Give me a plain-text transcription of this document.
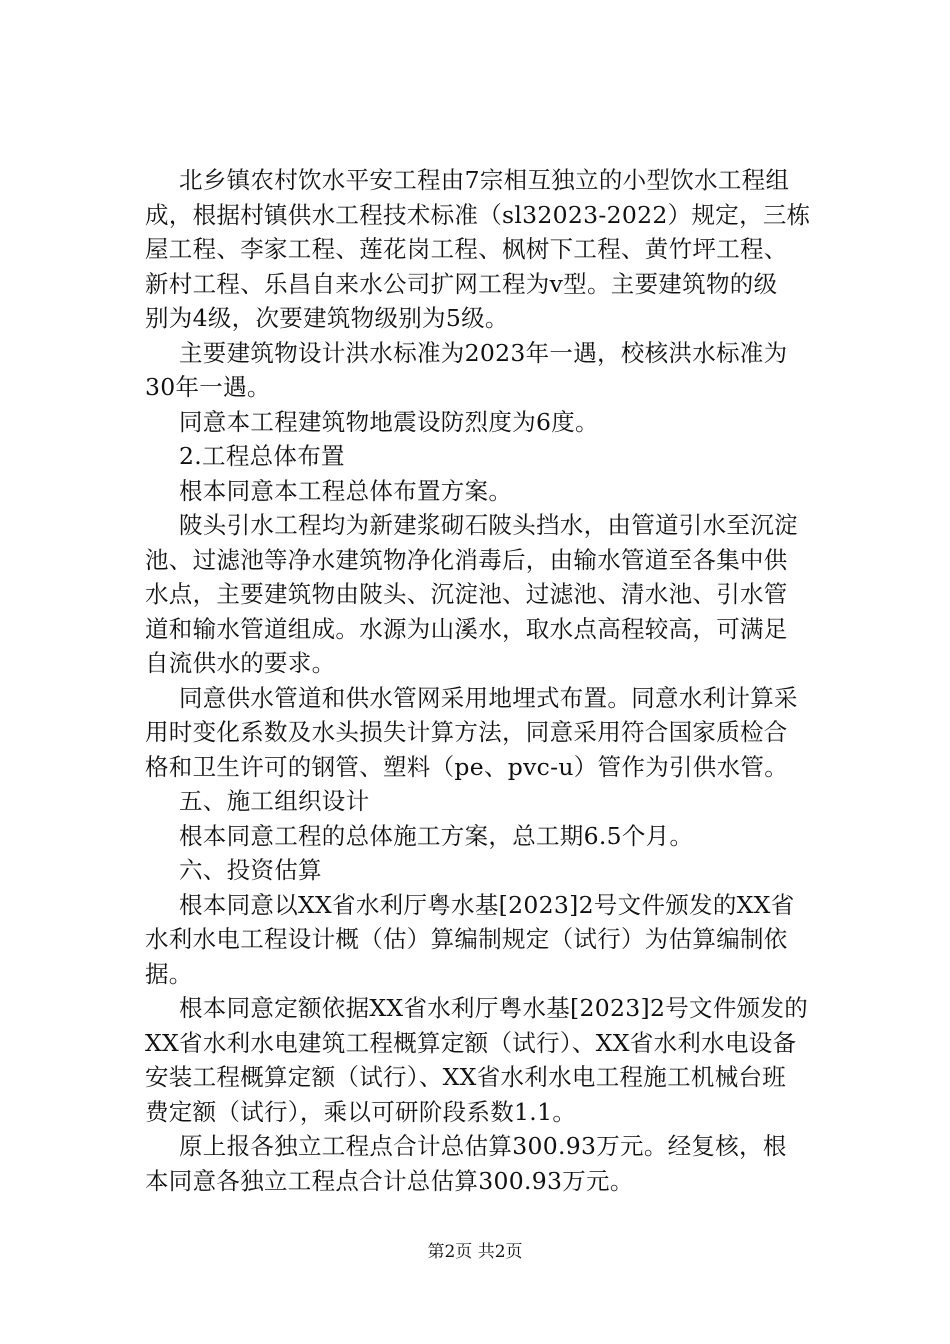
北乡镇农村饮水平安工程由7宗相互独立的小型饮水工程组
成，根据村镇供水工程技术标准（sl32023-2022）规定，三栋
屋工程、李家工程、莲花岗工程、枫树下工程、黄竹坪工程、
新村工程、乐昌自来水公司扩网工程为v型。主要建筑物的级
别为4级，次要建筑物级别为5级。
主要建筑物设计洪水标准为2023年一遇，校核洪水标准为
30年一遇。
同意本工程建筑物地震设防烈度为6度。
2.工程总体布置
根本同意本工程总体布置方案。
陂头引水工程均为新建浆砌石陂头挡水，由管道引水至沉淀
池、过滤池等净水建筑物净化消毒后，由输水管道至各集中供
水点，主要建筑物由陂头、沉淀池、过滤池、清水池、引水管
道和输水管道组成。水源为山溪水，取水点高程较高，可满足
自流供水的要求。
同意供水管道和供水管网采用地埋式布置。同意水利计算采
用时变化系数及水头损失计算方法，同意采用符合国家质检合
格和卫生许可的钢管、塑料（pe、pvc-u）管作为引供水管。
五、施工组织设计
根本同意工程的总体施工方案，总工期6.5个月。
六、投资估算
根本同意以XX省水利厅粤水基[2023]2号文件颁发的XX省
水利水电工程设计概（估）算编制规定（试行）为估算编制依
据。
根本同意定额依据XX省水利厅粤水基[2023]2号文件颁发的
XX省水利水电建筑工程概算定额（试行）、XX省水利水电设备
安装工程概算定额（试行）、XX省水利水电工程施工机械台班
费定额（试行），乘以可研阶段系数1.1。
原上报各独立工程点合计总估算300.93万元。经复核，根
本同意各独立工程点合计总估算300.93万元。
第2页 共2页
